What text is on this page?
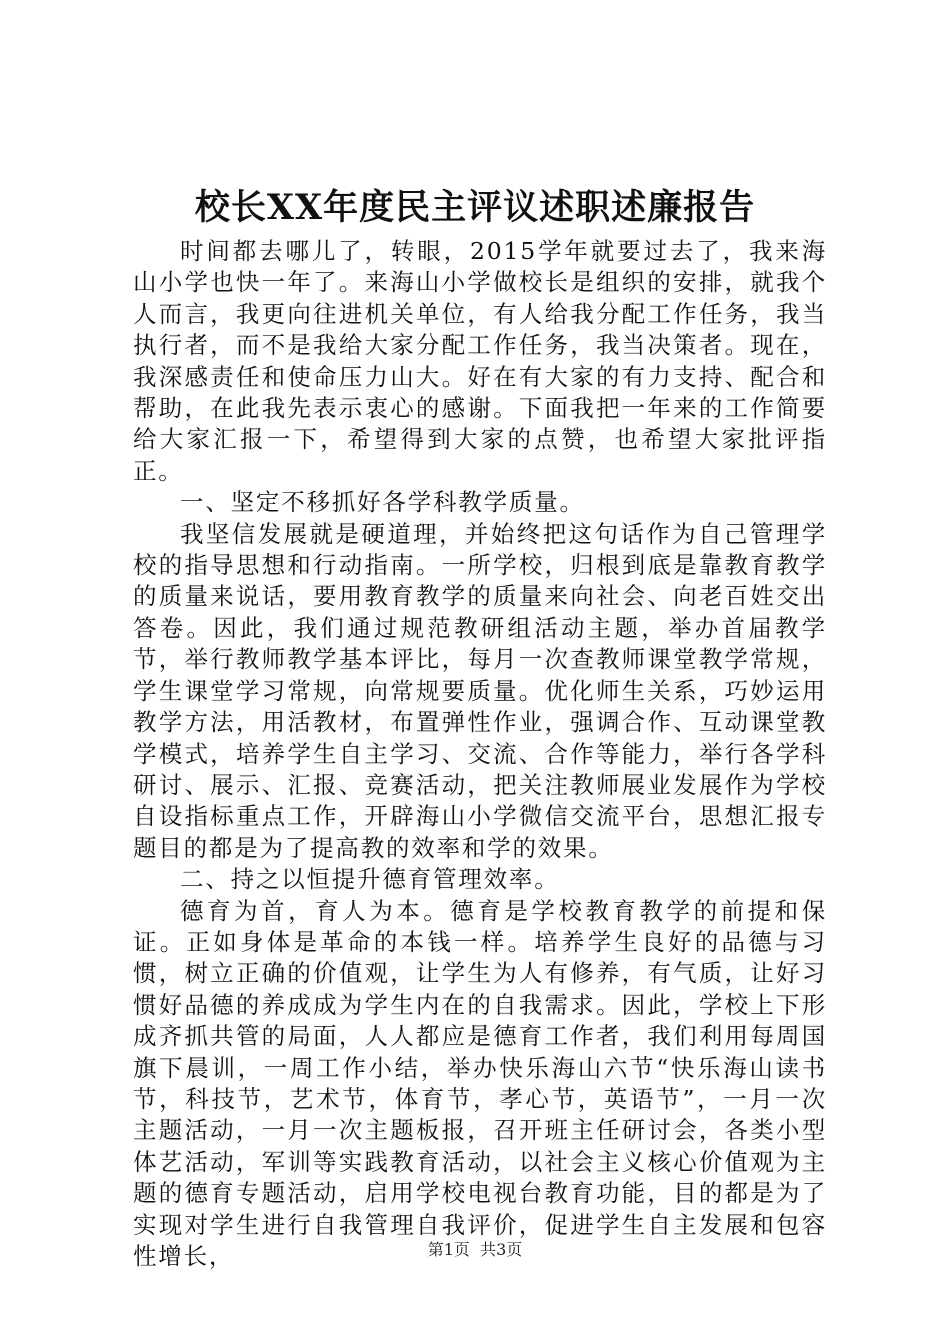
校长XX年度民主评议述职述廉报告

时间都去哪儿了，转眼，2015学年就要过去了，我来海山小学也快一年了。来海山小学做校长是组织的安排，就我个人而言，我更向往进机关单位，有人给我分配工作任务，我当执行者，而不是我给大家分配工作任务，我当决策者。现在，我深感责任和使命压力山大。好在有大家的有力支持、配合和帮助，在此我先表示衷心的感谢。下面我把一年来的工作简要给大家汇报一下，希望得到大家的点赞，也希望大家批评指正。

一、坚定不移抓好各学科教学质量。

我坚信发展就是硬道理，并始终把这句话作为自己管理学校的指导思想和行动指南。一所学校，归根到底是靠教育教学的质量来说话，要用教育教学的质量来向社会、向老百姓交出答卷。因此，我们通过规范教研组活动主题，举办首届教学节，举行教师教学基本评比，每月一次查教师课堂教学常规，学生课堂学习常规，向常规要质量。优化师生关系，巧妙运用教学方法，用活教材，布置弹性作业，强调合作、互动课堂教学模式，培养学生自主学习、交流、合作等能力，举行各学科研讨、展示、汇报、竞赛活动，把关注教师展业发展作为学校自设指标重点工作，开辟海山小学微信交流平台，思想汇报专题目的都是为了提高教的效率和学的效果。

二、持之以恒提升德育管理效率。

德育为首，育人为本。德育是学校教育教学的前提和保证。正如身体是革命的本钱一样。培养学生良好的品德与习惯，树立正确的价值观，让学生为人有修养，有气质，让好习惯好品德的养成成为学生内在的自我需求。因此，学校上下形成齐抓共管的局面，人人都应是德育工作者，我们利用每周国旗下晨训，一周工作小结，举办快乐海山六节“快乐海山读书节，科技节，艺术节，体育节，孝心节，英语节”，一月一次主题活动，一月一次主题板报，召开班主任研讨会，各类小型体艺活动，军训等实践教育活动，以社会主义核心价值观为主题的德育专题活动，启用学校电视台教育功能，目的都是为了实现对学生进行自我管理自我评价，促进学生自主发展和包容性增长，	第1页 共3页
